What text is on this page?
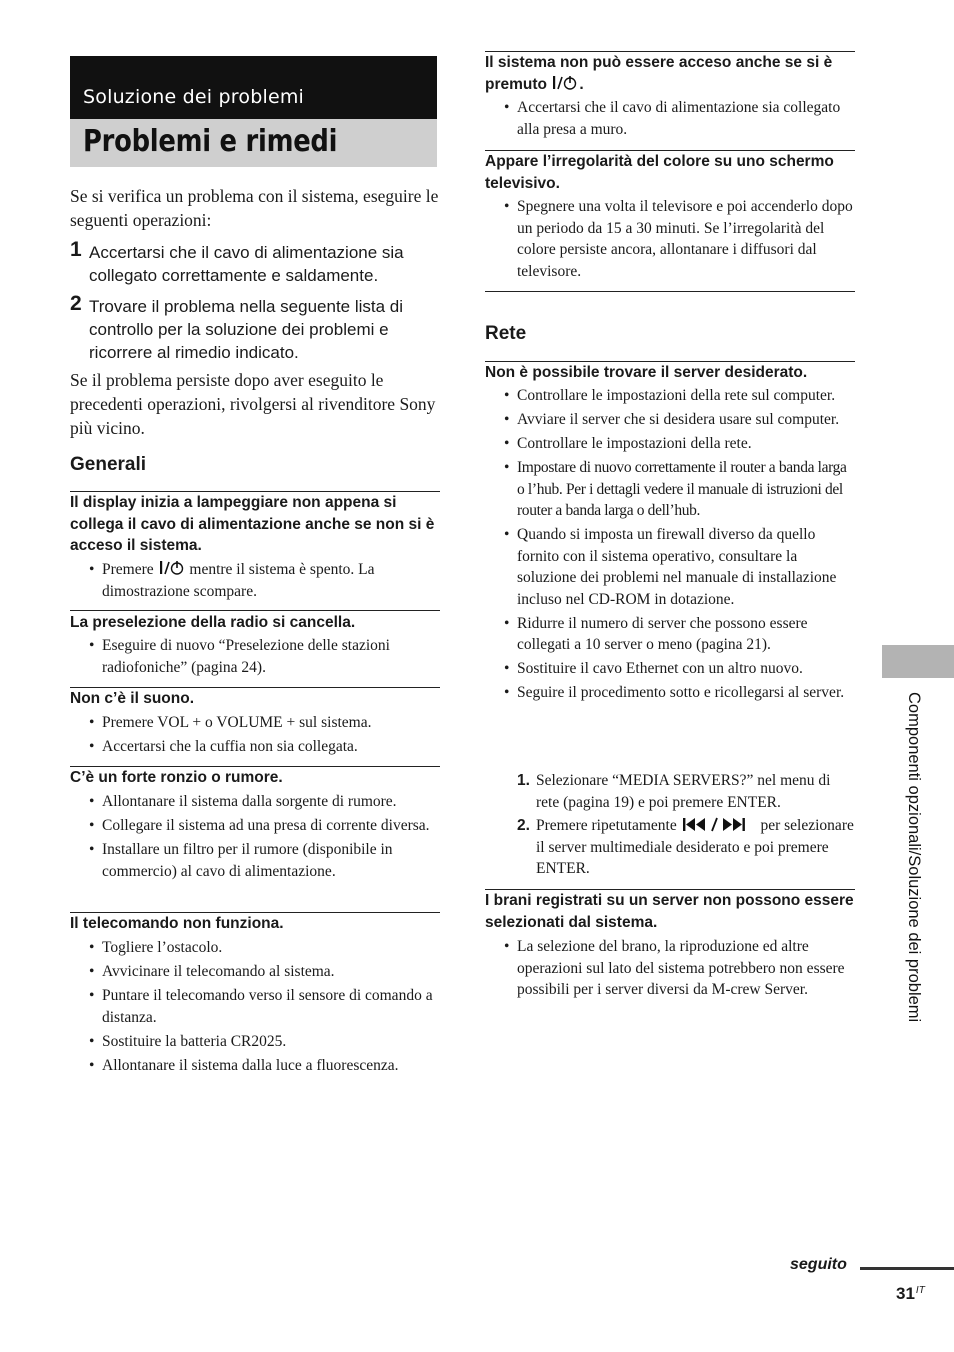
Soluzione dei problemi
Problemi e rimedi
Se si verifica un problema con il sistema, eseguire le seguenti operazioni:
1 Accertarsi che il cavo di alimentazione sia collegato correttamente e saldamente.
2 Trovare il problema nella seguente lista di controllo per la soluzione dei problemi e ricorrere al rimedio indicato.
Se il problema persiste dopo aver eseguito le precedenti operazioni, rivolgersi al rivenditore Sony più vicino.
Generali
Il display inizia a lampeggiare non appena si collega il cavo di alimentazione anche se non si è acceso il sistema.
• Premere mentre il sistema è spento. La dimostrazione scompare.
La preselezione della radio si cancella.
• Eseguire di nuovo “Preselezione delle stazioni radiofoniche” (pagina 24).
Non c’è il suono.
• Premere VOL + o VOLUME + sul sistema.
• Accertarsi che la cuffia non sia collegata.
C’è un forte ronzio o rumore.
• Allontanare il sistema dalla sorgente di rumore.
• Collegare il sistema ad una presa di corrente diversa.
• Installare un filtro per il rumore (disponibile in commercio) al cavo di alimentazione.
Il telecomando non funziona.
• Togliere l’ostacolo.
• Avvicinare il telecomando al sistema.
• Puntare il telecomando verso il sensore di comando a distanza.
• Sostituire la batteria CR2025.
• Allontanare il sistema dalla luce a fluorescenza.
Il sistema non può essere acceso anche se si è premuto .
• Accertarsi che il cavo di alimentazione sia collegato alla presa a muro.
Appare l’irregolarità del colore su uno schermo televisivo.
• Spegnere una volta il televisore e poi accenderlo dopo un periodo da 15 a 30 minuti. Se l’irregolarità del colore persiste ancora, allontanare i diffusori dal televisore.
Rete
Non è possibile trovare il server desiderato.
• Controllare le impostazioni della rete sul computer.
• Avviare il server che si desidera usare sul computer.
• Controllare le impostazioni della rete.
• Impostare di nuovo correttamente il router a banda larga o l’hub. Per i dettagli vedere il manuale di istruzioni del router a banda larga o dell’hub.
• Quando si imposta un firewall diverso da quello fornito con il sistema operativo, consultare la soluzione dei problemi nel manuale di installazione incluso nel CD-ROM in dotazione.
• Ridurre il numero di server che possono essere collegati a 10 server o meno (pagina 21).
• Sostituire il cavo Ethernet con un altro nuovo.
• Seguire il procedimento sotto e ricollegarsi al server.
1. Selezionare “MEDIA SERVERS?” nel menu di rete (pagina 19) e poi premere ENTER.
2. Premere ripetutamente	per selezionare il server multimediale desiderato e poi premere ENTER.
I brani registrati su un server non possono essere selezionati dal sistema.
• La selezione del brano, la riproduzione ed altre operazioni sul lato del sistema potrebbero non essere possibili per i server diversi da M-crew Server.	Componenti opzionali/Soluzione dei problemi
seguito
$31^{IT}$
